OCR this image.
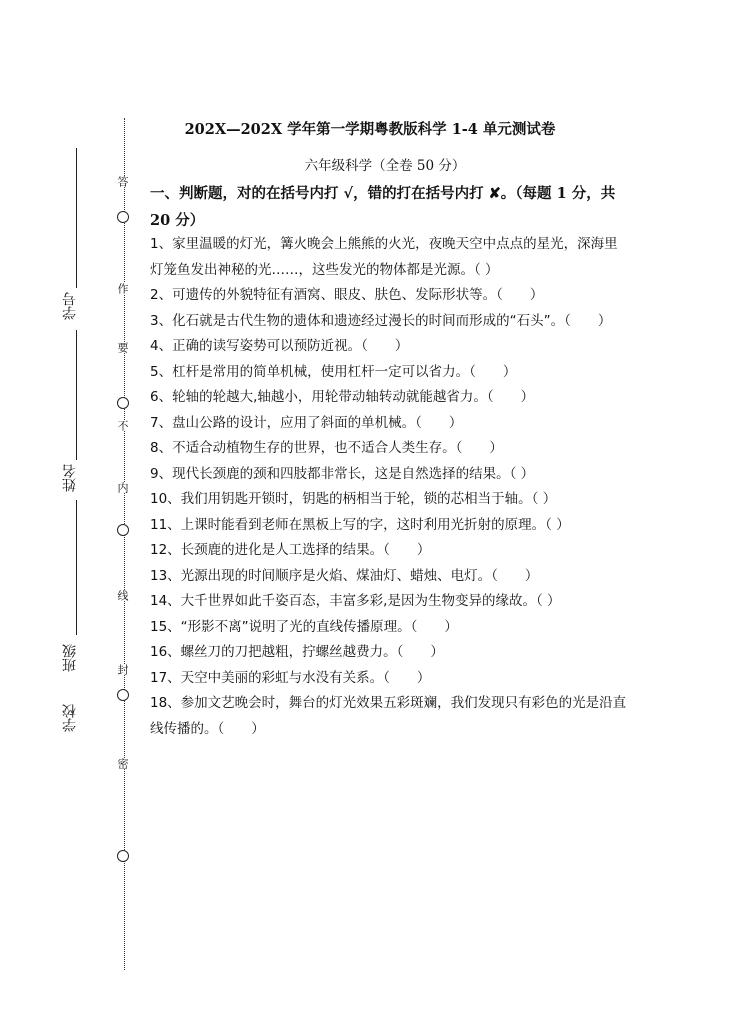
答
作
要
不
内
线
封
密
学号
姓名
班级
学校
202X—202X 学年第一学期粤教版科学 1-4 单元测试卷
六年级科学（全卷 50 分）
一、判断题，对的在括号内打 √，错的打在括号内打 ✘。（每题 1 分，共 20 分）

1、家里温暖的灯光，篝火晚会上熊熊的火光，夜晚天空中点点的星光，深海里灯笼鱼发出神秘的光……，这些发光的物体都是光源。（ ）

2、可遗传的外貌特征有酒窝、眼皮、肤色、发际形状等。（　　）

3、化石就是古代生物的遗体和遗迹经过漫长的时间而形成的“石头”。（　　）

4、正确的读写姿势可以预防近视。（　　）

5、杠杆是常用的简单机械，使用杠杆一定可以省力。（　　）

6、轮轴的轮越大,轴越小，用轮带动轴转动就能越省力。（　　）

7、盘山公路的设计，应用了斜面的单机械。（　　）

8、不适合动植物生存的世界，也不适合人类生存。（　　）

9、现代长颈鹿的颈和四肢都非常长，这是自然选择的结果。（ ）

10、我们用钥匙开锁时，钥匙的柄相当于轮，锁的芯相当于轴。（ ）

11、上课时能看到老师在黑板上写的字，这时利用光折射的原理。（ ）

12、长颈鹿的进化是人工选择的结果。（　　）

13、光源出现的时间顺序是火焰、煤油灯、蜡烛、电灯。（　　）

14、大千世界如此千姿百态，丰富多彩,是因为生物变异的缘故。（ ）

15、“形影不离”说明了光的直线传播原理。（　　）

16、螺丝刀的刀把越粗，拧螺丝越费力。（　　）

17、天空中美丽的彩虹与水没有关系。（　　）

18、参加文艺晚会时，舞台的灯光效果五彩斑斓，我们发现只有彩色的光是沿直线传播的。（　　）
